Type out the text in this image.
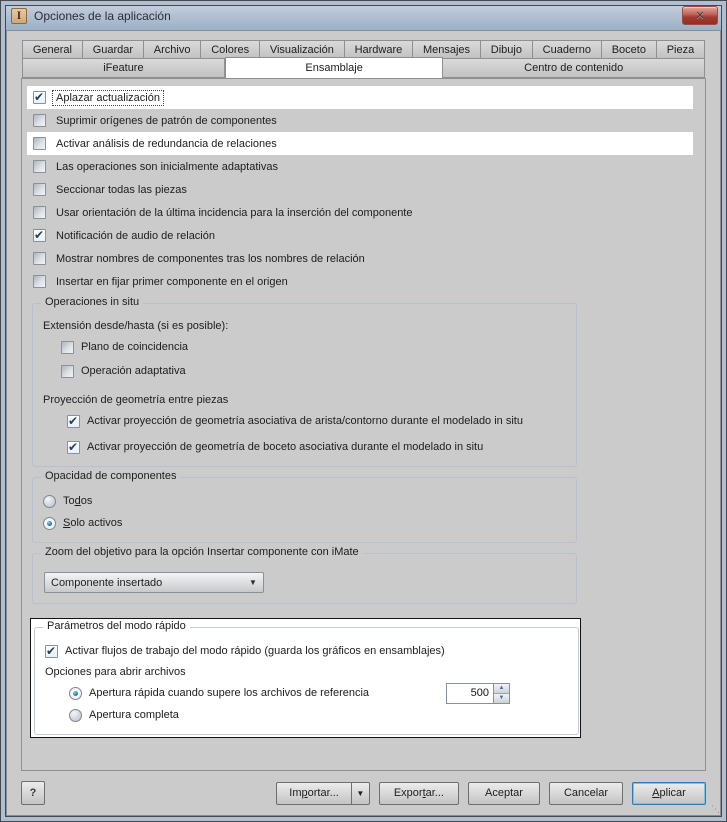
I	Opciones de la aplicación	✕
General	Guardar	Archivo	Colores	Visualización	Hardware	Mensajes	Dibujo	Cuaderno	Boceto	Pieza
iFeature	Ensamblaje	Centro de contenido
✔
Aplazar actualización
Suprimir orígenes de patrón de componentes
Activar análisis de redundancia de relaciones
Las operaciones son inicialmente adaptativas
Seccionar todas las piezas
Usar orientación de la última incidencia para la inserción del componente
✔
Notificación de audio de relación
Mostrar nombres de componentes tras los nombres de relación
Insertar en fijar primer componente en el origen
Operaciones in situ
Extensión desde/hasta (si es posible):
Plano de coincidencia
Operación adaptativa
Proyección de geometría entre piezas
✔
Activar proyección de geometría asociativa de arista/contorno durante el modelado in situ
✔
Activar proyección de geometría de boceto asociativa durante el modelado in situ
Opacidad de componentes
Todos
Solo activos
Zoom del objetivo para la opción Insertar componente con iMate
Componente insertado	▼
Parámetros del modo rápido
✔
Activar flujos de trabajo del modo rápido (guarda los gráficos en ensamblajes)
Opciones para abrir archivos
Apertura rápida cuando supere los archivos de referencia
500	▲
▼
Apertura completa
?	Im p ortar...	▼	Expor t ar...	Aceptar	Cancelar	A plicar
⋱
